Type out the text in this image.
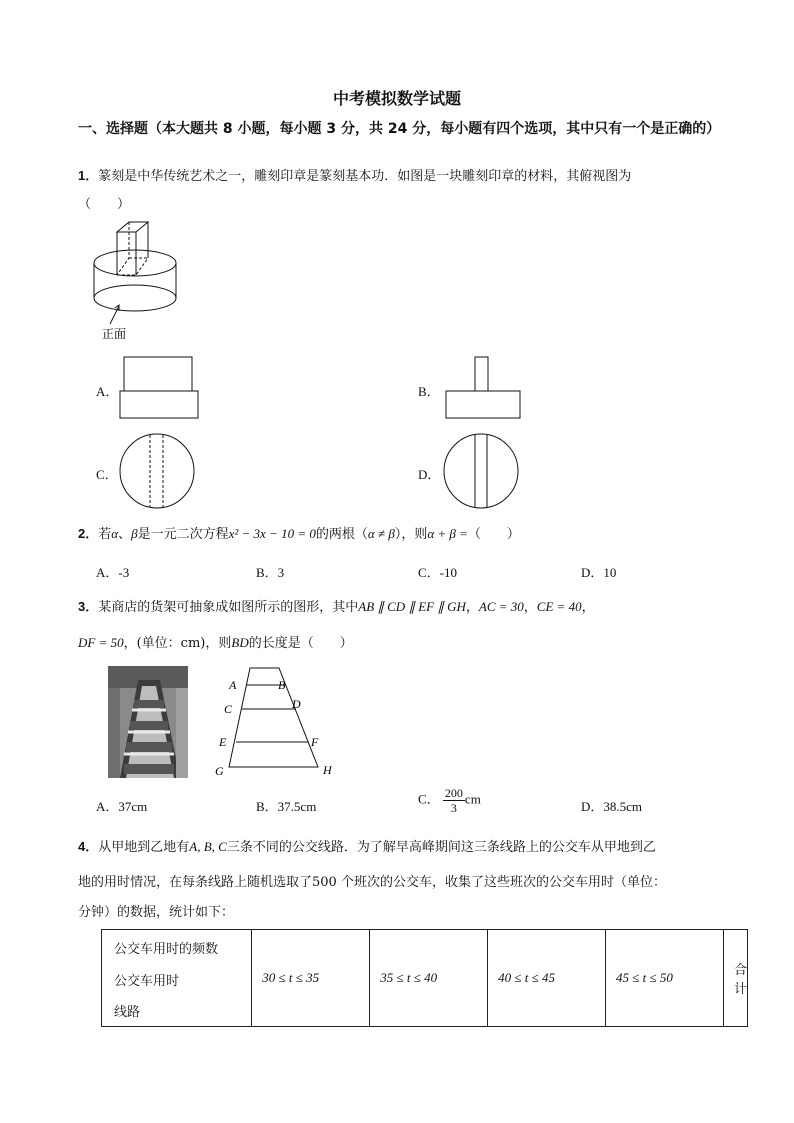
中考模拟数学试题
一、选择题（本大题共 8 小题，每小题 3 分，共 24 分，每小题有四个选项，其中只有一个是正确的）
1．篆刻是中华传统艺术之一，雕刻印章是篆刻基本功．如图是一块雕刻印章的材料，其俯视图为
（　　）
正面
A．	B．
C．	D．
2．若α、β是一元二次方程x² − 3x − 10 = 0的两根（α ≠ β），则α + β =（　　）
A．-3	B．3	C．-10	D．10
3．某商店的货架可抽象成如图所示的图形，其中AB ∥ CD ∥ EF ∥ GH，AC = 30，CE = 40，
DF = 50，(单位：cm)，则BD的长度是（　　）
A	B
C	D
E	F
G	H
A．37cm	B．37.5cm
C． $\frac{200}{3}$ cm
D．38.5cm
4．从甲地到乙地有A, B, C三条不同的公交线路．为了解早高峰期间这三条线路上的公交车从甲地到乙
地的用时情况，在每条线路上随机选取了500 个班次的公交车，收集了这些班次的公交车用时（单位：
分钟）的数据，统计如下：
公交车用时的频数
公交车用时
线路
	30 ≤ t ≤ 35	35 ≤ t ≤ 40	40 ≤ t ≤ 45	45 ≤ t ≤ 50	合计
